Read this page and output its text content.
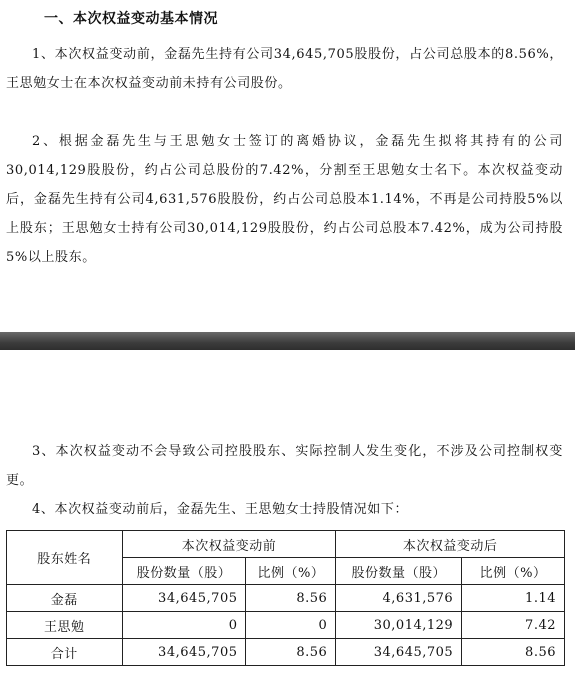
一、本次权益变动基本情况

1、本次权益变动前，金磊先生持有公司34,645,705股股份，占公司总股本的8.56%，王思勉女士在本次权益变动前未持有公司股份。

2、根据金磊先生与王思勉女士签订的离婚协议，金磊先生拟将其持有的公司30,014,129股股份，约占公司总股份的7.42%，分割至王思勉女士名下。本次权益变动后，金磊先生持有公司4,631,576股股份，约占公司总股本1.14%，不再是公司持股5%以上股东；王思勉女士持有公司30,014,129股股份，约占公司总股本7.42%，成为公司持股5%以上股东。

3、本次权益变动不会导致公司控股股东、实际控制人发生变化，不涉及公司控制权变更。

4、本次权益变动前后，金磊先生、王思勉女士持股情况如下：

股东姓名	本次权益变动前		本次权益变动后	
	股份数量（股）	比例（%）	股份数量（股）	比例（%）
金磊	34,645,705	8.56	4,631,576	1.14
王思勉	0	0	30,014,129	7.42
合计	34,645,705	8.56	34,645,705	8.56
